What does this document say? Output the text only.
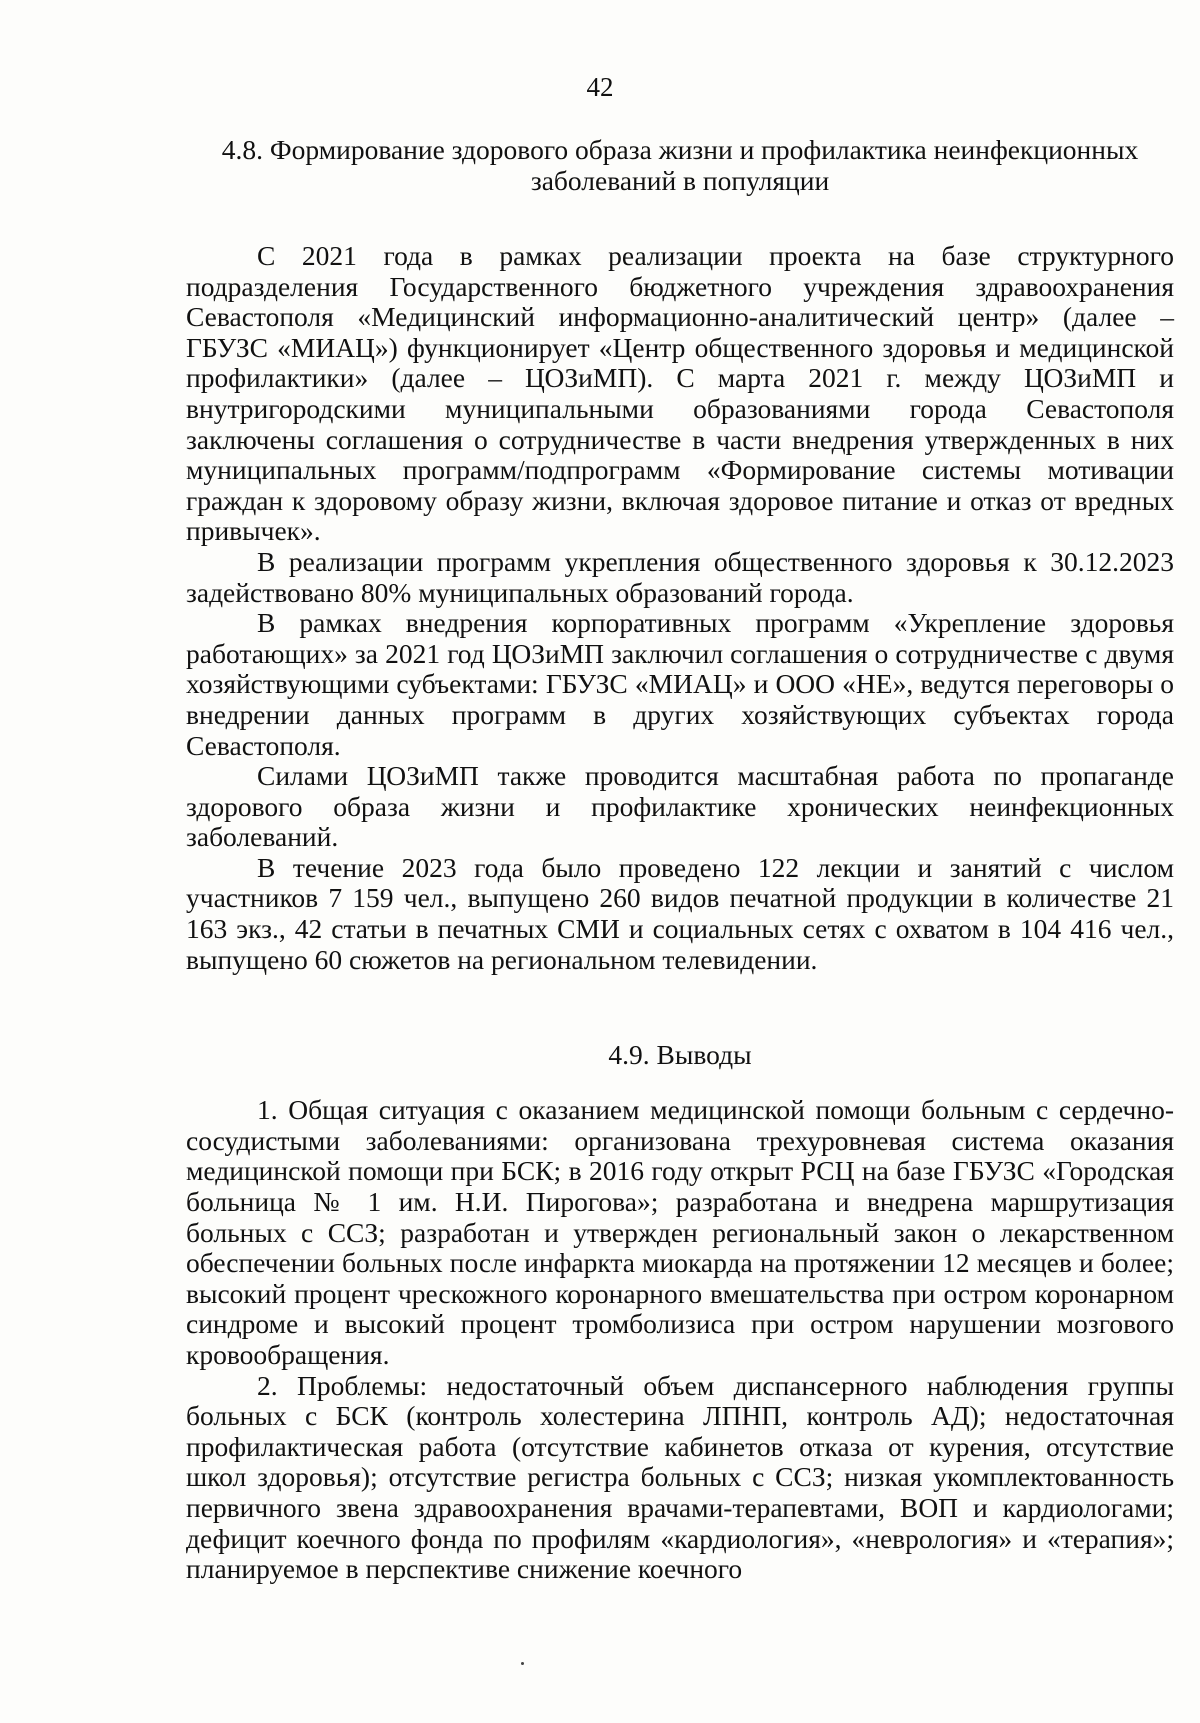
42
4.8. Формирование здорового образа жизни и профилактика неинфекционных
заболеваний в популяции

С 2021 года в рамках реализации проекта на базе структурного подразделения Государственного бюджетного учреждения здравоохранения Севастополя «Медицинский информационно-аналитический центр» (далее – ГБУЗС «МИАЦ») функционирует «Центр общественного здоровья и медицинской профилактики» (далее – ЦОЗиМП). С марта 2021 г. между ЦОЗиМП и внутригородскими муниципальными образованиями города Севастополя заключены соглашения о сотрудничестве в части внедрения утвержденных в них муниципальных программ/подпрограмм «Формирование системы мотивации граждан к здоровому образу жизни, включая здоровое питание и отказ от вредных привычек».

В реализации программ укрепления общественного здоровья к 30.12.2023 задействовано 80% муниципальных образований города.

В рамках внедрения корпоративных программ «Укрепление здоровья работающих» за 2021 год ЦОЗиМП заключил соглашения о сотрудничестве с двумя хозяйствующими субъектами: ГБУЗС «МИАЦ» и ООО «НЕ», ведутся переговоры о внедрении данных программ в других хозяйствующих субъектах города Севастополя.

Силами ЦОЗиМП также проводится масштабная работа по пропаганде здорового образа жизни и профилактике хронических неинфекционных заболеваний.

В течение 2023 года было проведено 122 лекции и занятий с числом участников 7 159 чел., выпущено 260 видов печатной продукции в количестве 21 163 экз., 42 статьи в печатных СМИ и социальных сетях с охватом в 104 416 чел., выпущено 60 сюжетов на региональном телевидении.

4.9. Выводы

1. Общая ситуация с оказанием медицинской помощи больным с сердечно-сосудистыми заболеваниями: организована трехуровневая система оказания медицинской помощи при БСК; в 2016 году открыт РСЦ на базе ГБУЗС «Городская больница № 1 им. Н.И. Пирогова»; разработана и внедрена маршрутизация больных с ССЗ; разработан и утвержден региональный закон о лекарственном обеспечении больных после инфаркта миокарда на протяжении 12 месяцев и более; высокий процент чрескожного коронарного вмешательства при остром коронарном синдроме и высокий процент тромболизиса при остром нарушении мозгового кровообращения.

2. Проблемы: недостаточный объем диспансерного наблюдения группы больных с БСК (контроль холестерина ЛПНП, контроль АД); недостаточная профилактическая работа (отсутствие кабинетов отказа от курения, отсутствие школ здоровья); отсутствие регистра больных с ССЗ; низкая укомплектованность первичного звена здравоохранения врачами-терапевтами, ВОП и кардиологами; дефицит коечного фонда по профилям «кардиология», «неврология» и «терапия»; планируемое в перспективе снижение коечного
